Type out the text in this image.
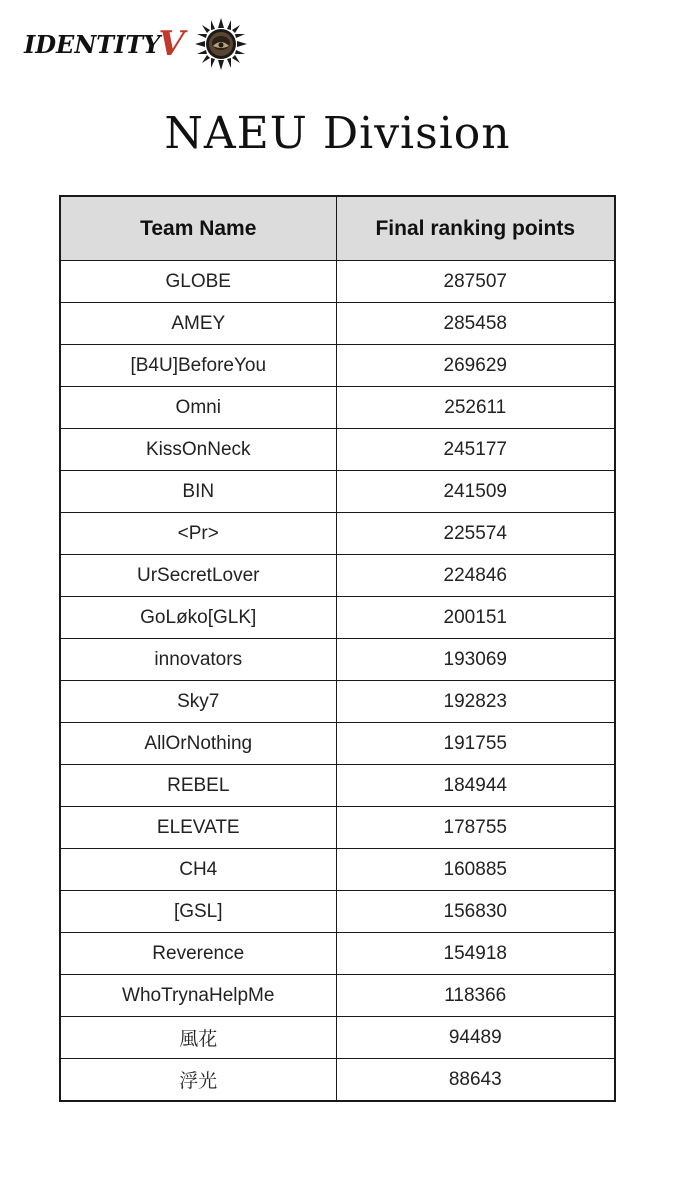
IDENTITY
V
NAEU Division
Team Name	Final ranking points
GLOBE	287507
AMEY	285458
[B4U]BeforeYou	269629
Omni	252611
KissOnNeck	245177
BIN	241509
<Pr>	225574
UrSecretLover	224846
GoLøko[GLK]	200151
innovators	193069
Sky7	192823
AllOrNothing	191755
REBEL	184944
ELEVATE	178755
CH4	160885
[GSL]	156830
Reverence	154918
WhoTrynaHelpMe	118366
風花	94489
浮光	88643
